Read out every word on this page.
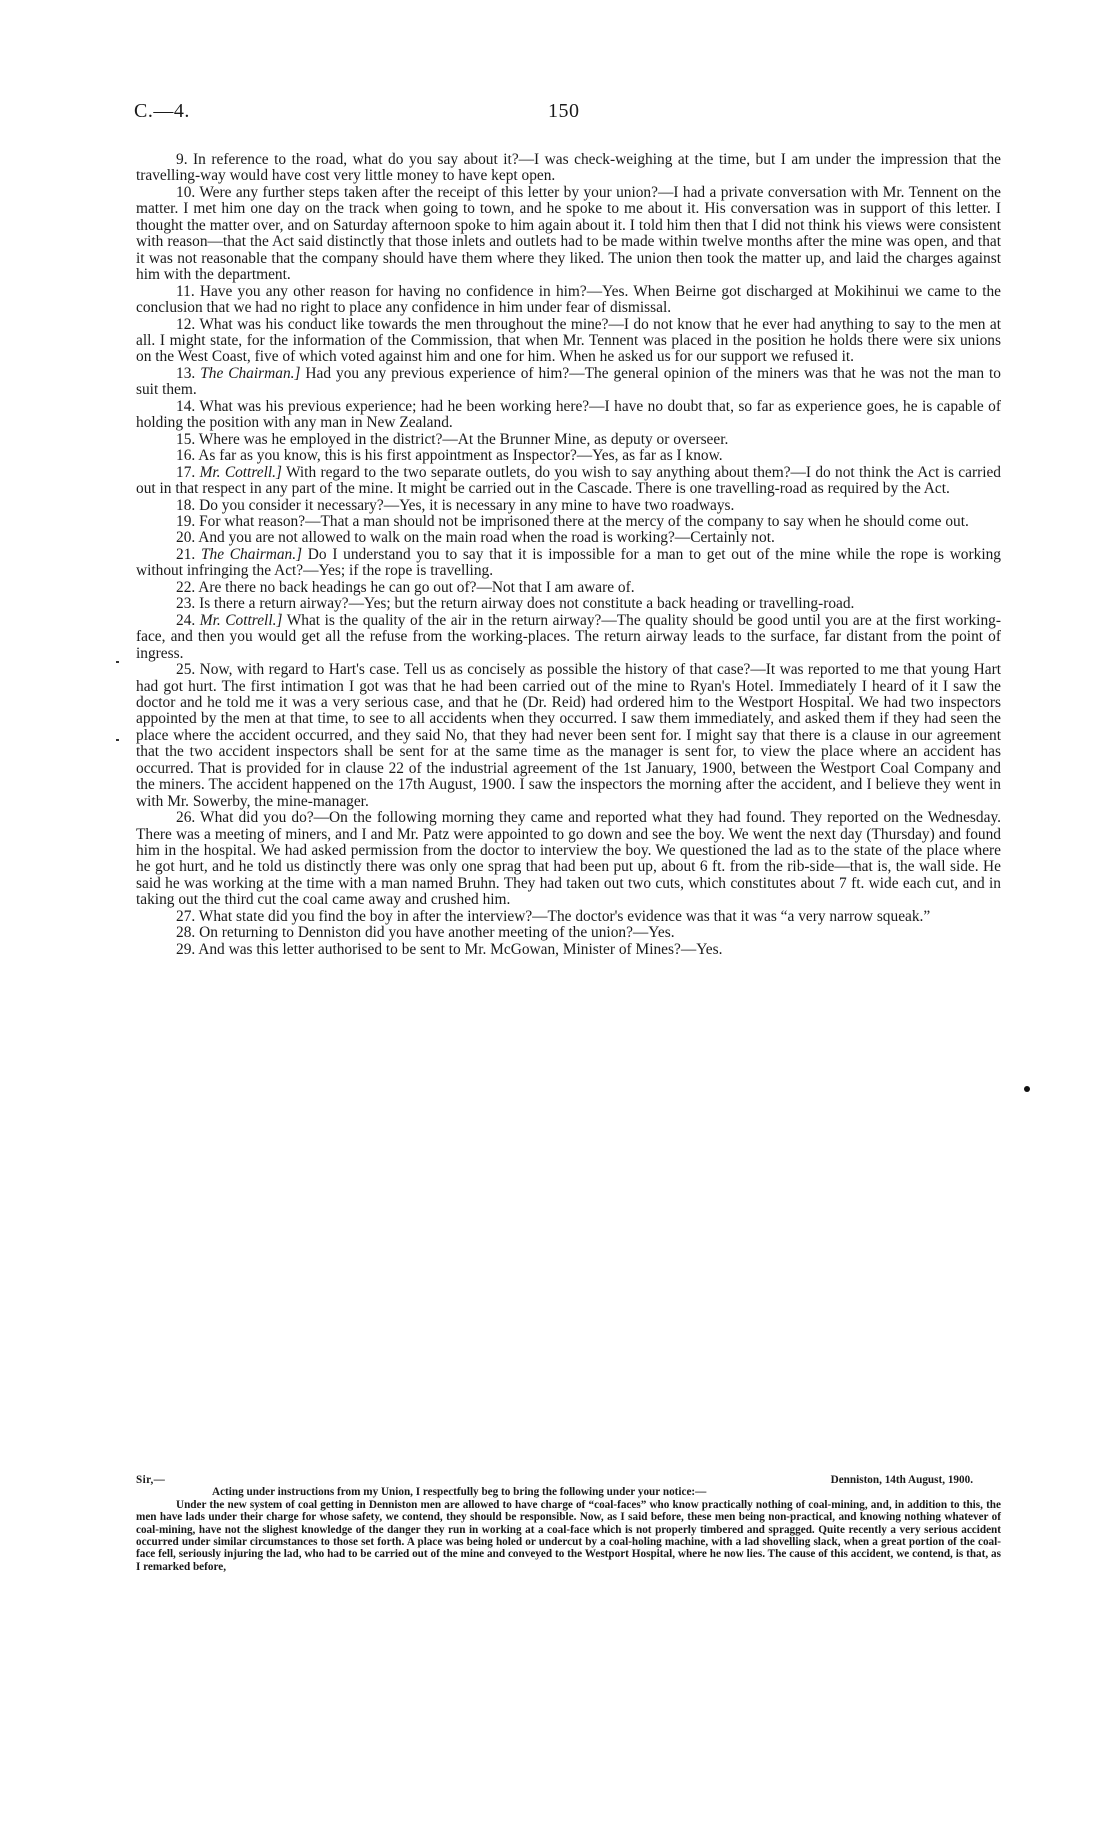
C.—4.	150

9. In reference to the road, what do you say about it?—I was check-weighing at the time, but I am under the impression that the travelling-way would have cost very little money to have kept open.

10. Were any further steps taken after the receipt of this letter by your union?—I had a private conversation with Mr. Tennent on the matter. I met him one day on the track when going to town, and he spoke to me about it. His conversation was in support of this letter. I thought the matter over, and on Saturday afternoon spoke to him again about it. I told him then that I did not think his views were consistent with reason—that the Act said distinctly that those inlets and outlets had to be made within twelve months after the mine was open, and that it was not reasonable that the company should have them where they liked. The union then took the matter up, and laid the charges against him with the department.

11. Have you any other reason for having no confidence in him?—Yes. When Beirne got discharged at Mokihinui we came to the conclusion that we had no right to place any confidence in him under fear of dismissal.

12. What was his conduct like towards the men throughout the mine?—I do not know that he ever had anything to say to the men at all. I might state, for the information of the Commission, that when Mr. Tennent was placed in the position he holds there were six unions on the West Coast, five of which voted against him and one for him. When he asked us for our support we refused it.

13. The Chairman.] Had you any previous experience of him?—The general opinion of the miners was that he was not the man to suit them.

14. What was his previous experience; had he been working here?—I have no doubt that, so far as experience goes, he is capable of holding the position with any man in New Zealand.

15. Where was he employed in the district?—At the Brunner Mine, as deputy or overseer.

16. As far as you know, this is his first appointment as Inspector?—Yes, as far as I know.

17. Mr. Cottrell.] With regard to the two separate outlets, do you wish to say anything about them?—I do not think the Act is carried out in that respect in any part of the mine. It might be carried out in the Cascade. There is one travelling-road as required by the Act.

18. Do you consider it necessary?—Yes, it is necessary in any mine to have two roadways.

19. For what reason?—That a man should not be imprisoned there at the mercy of the company to say when he should come out.

20. And you are not allowed to walk on the main road when the road is working?—Certainly not.

21. The Chairman.] Do I understand you to say that it is impossible for a man to get out of the mine while the rope is working without infringing the Act?—Yes; if the rope is travelling.

22. Are there no back headings he can go out of?—Not that I am aware of.

23. Is there a return airway?—Yes; but the return airway does not constitute a back heading or travelling-road.

24. Mr. Cottrell.] What is the quality of the air in the return airway?—The quality should be good until you are at the first working-face, and then you would get all the refuse from the working-places. The return airway leads to the surface, far distant from the point of ingress.

25. Now, with regard to Hart's case. Tell us as concisely as possible the history of that case?—It was reported to me that young Hart had got hurt. The first intimation I got was that he had been carried out of the mine to Ryan's Hotel. Immediately I heard of it I saw the doctor and he told me it was a very serious case, and that he (Dr. Reid) had ordered him to the Westport Hospital. We had two inspectors appointed by the men at that time, to see to all accidents when they occurred. I saw them immediately, and asked them if they had seen the place where the accident occurred, and they said No, that they had never been sent for. I might say that there is a clause in our agreement that the two accident inspectors shall be sent for at the same time as the manager is sent for, to view the place where an accident has occurred. That is provided for in clause 22 of the industrial agreement of the 1st January, 1900, between the Westport Coal Company and the miners. The accident happened on the 17th August, 1900. I saw the inspectors the morning after the accident, and I believe they went in with Mr. Sowerby, the mine-manager.

26. What did you do?—On the following morning they came and reported what they had found. They reported on the Wednesday. There was a meeting of miners, and I and Mr. Patz were appointed to go down and see the boy. We went the next day (Thursday) and found him in the hospital. We had asked permission from the doctor to interview the boy. We questioned the lad as to the state of the place where he got hurt, and he told us distinctly there was only one sprag that had been put up, about 6 ft. from the rib-side—that is, the wall side. He said he was working at the time with a man named Bruhn. They had taken out two cuts, which constitutes about 7 ft. wide each cut, and in taking out the third cut the coal came away and crushed him.

27. What state did you find the boy in after the interview?—The doctor's evidence was that it was “a very narrow squeak.”

28. On returning to Denniston did you have another meeting of the union?—Yes.

29. And was this letter authorised to be sent to Mr. McGowan, Minister of Mines?—Yes.

Sir,—	Denniston, 14th August, 1900.

Acting under instructions from my Union, I respectfully beg to bring the following under your notice:—

Under the new system of coal getting in Denniston men are allowed to have charge of “coal-faces” who know practically nothing of coal-mining, and, in addition to this, the men have lads under their charge for whose safety, we contend, they should be responsible. Now, as I said before, these men being non-practical, and knowing nothing whatever of coal-mining, have not the slighest knowledge of the danger they run in working at a coal-face which is not properly timbered and spragged. Quite recently a very serious accident occurred under similar circumstances to those set forth. A place was being holed or undercut by a coal-holing machine, with a lad shovelling slack, when a great portion of the coal-face fell, seriously injuring the lad, who had to be carried out of the mine and conveyed to the Westport Hospital, where he now lies. The cause of this accident, we contend, is that, as I remarked before,
